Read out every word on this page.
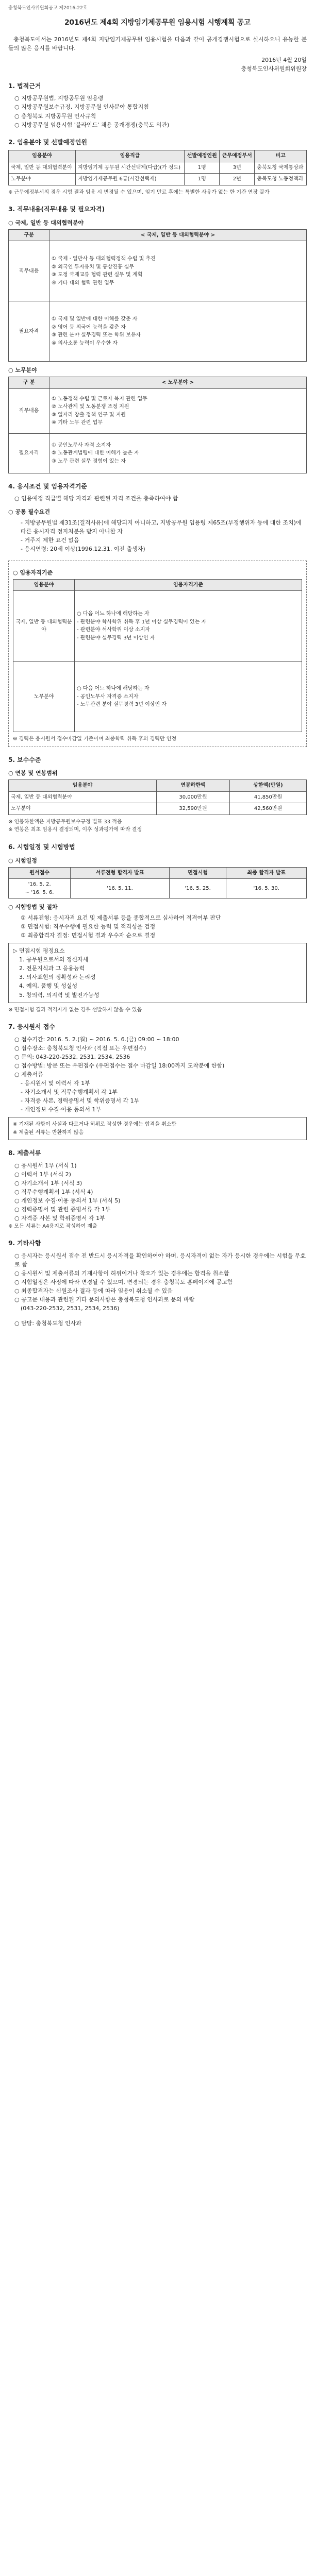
충청북도인사위원회공고 제2016-22호
2016년도 제4회 지방임기제공무원 임용시험 시행계획 공고

충청북도에서는 2016년도 제4회 지방임기제공무원 임용시험을 다음과 같이 공개경쟁시험으로 실시하오니 유능한 분들의 많은 응시를 바랍니다.

2016년 4월 20일
충청북도인사위원회위원장
1. 법적근거
○ 지방공무원법, 지방공무원 임용령
○ 지방공무원보수규정, 지방공무원 인사분야 통합지침
○ 충청북도 지방공무원 인사규칙
○ 지방공무원 임용시험 '블라인드' 채용 공개경쟁(충북도 의관)
2. 임용분야 및 선발예정인원
임용분야	임용직급	선발예정인원	근무예정부서	비고
국제, 일반 등 대외협력분야	지방임기제 공무원 시간선택제(다급)(가 정도)	1명	3년	충북도청 국제통상과
노무분야	지방임기제공무원 6급(시간선택제)	1명	2년	충북도청 노동정책과
※ 근무예정부서의 경우 시험 결과 임용 시 변경될 수 있으며, 임기 만료 후에는 특별한 사유가 없는 한 기간 연장 불가
3. 직무내용(직무내용 및 필요자격)
○ 국제, 일반 등 대외협력분야
구분	< 국제, 일반 등 대외협력분야 >
직무내용	① 국제 · 일반사 등 대외협력정책 수립 및 추진
② 외국인 투자유치 및 통상진흥 실무
③ 도정 국제교류 협력 관련 실무 및 계획
④ 기타 대외 협력 관련 업무
필요자격	① 국제 및 일반에 대한 이해를 갖춘 자
② 영어 등 외국어 능력을 갖춘 자
③ 관련 분야 실무경력 또는 학위 보유자
④ 의사소통 능력이 우수한 자
○ 노무분야
구 분	< 노무분야 >
직무내용	① 노동정책 수립 및 근로자 복지 관련 업무
② 노사관계 및 노동분쟁 조정 지원
③ 일자리 창출 정책 연구 및 지원
④ 기타 노무 관련 업무
필요자격	① 공인노무사 자격 소지자
② 노동관계법령에 대한 이해가 높은 자
③ 노무 관련 실무 경험이 있는 자
4. 응시조건 및 임용자격기준
○ 임용예정 직급별 해당 자격과 관련된 자격 조건을 충족하여야 함
○ 공통 필수요건
- 지방공무원법 제31조(결격사유)에 해당되지 아니하고, 지방공무원 임용령 제65조(부정행위자 등에 대한 조치)에 따른 응시자격 정지처분을 받지 아니한 자
- 거주지 제한 요건 없음
- 응시연령: 20세 이상(1996.12.31. 이전 출생자)
○ 임용자격기준
임용분야	임용자격기준
국제, 일반 등 대외협력분야	○ 다음 어느 하나에 해당하는 자
- 관련분야 학사학위 취득 후 1년 이상 실무경력이 있는 자
- 관련분야 석사학위 이상 소지자
- 관련분야 실무경력 3년 이상인 자
노무분야	○ 다음 어느 하나에 해당하는 자
- 공인노무사 자격증 소지자
- 노무관련 분야 실무경력 3년 이상인 자
※ 경력은 응시원서 접수마감일 기준이며 최종학력 취득 후의 경력만 인정
5. 보수수준
○ 연봉 및 연봉범위
임용분야	연봉하한액	상한액(만원)
국제, 일반 등 대외협력분야	30,000만원	41,850만원
노무분야	32,590만원	42,560만원
※ 연봉하한액은 지방공무원보수규정 별표 33 적용
※ 연봉은 최초 임용시 결정되며, 이후 성과평가에 따라 결정
6. 시험일정 및 시험방법
○ 시험일정
원서접수	서류전형 합격자 발표	면접시험	최종 합격자 발표
'16. 5. 2.
~ '16. 5. 6.	'16. 5. 11.	'16. 5. 25.	'16. 5. 30.
○ 시험방법 및 절차
① 서류전형: 응시자격 요건 및 제출서류 등을 종합적으로 심사하여 적격여부 판단
② 면접시험: 직무수행에 필요한 능력 및 적격성을 검정
③ 최종합격자 결정: 면접시험 결과 우수자 순으로 결정
▷ 면접시험 평정요소
1. 공무원으로서의 정신자세
2. 전문지식과 그 응용능력
3. 의사표현의 정확성과 논리성
4. 예의, 품행 및 성실성
5. 창의력, 의지력 및 발전가능성
※ 면접시험 결과 적격자가 없는 경우 선발하지 않을 수 있음
7. 응시원서 접수
○ 접수기간: 2016. 5. 2.(월) ~ 2016. 5. 6.(금) 09:00 ~ 18:00
○ 접수장소: 충청북도청 인사과 (직접 또는 우편접수)
○ 문의: 043-220-2532, 2531, 2534, 2536
○ 접수방법: 방문 또는 우편접수 (우편접수는 접수 마감일 18:00까지 도착분에 한함)
○ 제출서류
- 응시원서 및 이력서 각 1부
- 자기소개서 및 직무수행계획서 각 1부
- 자격증 사본, 경력증명서 및 학위증명서 각 1부
- 개인정보 수집·이용 동의서 1부
※ 기재된 사항이 사실과 다르거나 허위로 작성한 경우에는 합격을 취소함
※ 제출된 서류는 반환하지 않음
8. 제출서류
○ 응시원서 1부 (서식 1)
○ 이력서 1부 (서식 2)
○ 자기소개서 1부 (서식 3)
○ 직무수행계획서 1부 (서식 4)
○ 개인정보 수집·이용 동의서 1부 (서식 5)
○ 경력증명서 및 관련 증빙서류 각 1부
○ 자격증 사본 및 학위증명서 각 1부
※ 모든 서류는 A4용지로 작성하여 제출
9. 기타사항
○ 응시자는 응시원서 접수 전 반드시 응시자격을 확인하여야 하며, 응시자격이 없는 자가 응시한 경우에는 시험을 무효로 함
○ 응시원서 및 제출서류의 기재사항이 허위이거나 착오가 있는 경우에는 합격을 취소함
○ 시험일정은 사정에 따라 변경될 수 있으며, 변경되는 경우 충청북도 홈페이지에 공고함
○ 최종합격자는 신원조사 결과 등에 따라 임용이 취소될 수 있음
○ 공고문 내용과 관련된 기타 문의사항은 충청북도청 인사과로 문의 바람
(043-220-2532, 2531, 2534, 2536)
○ 담당: 충청북도청 인사과
